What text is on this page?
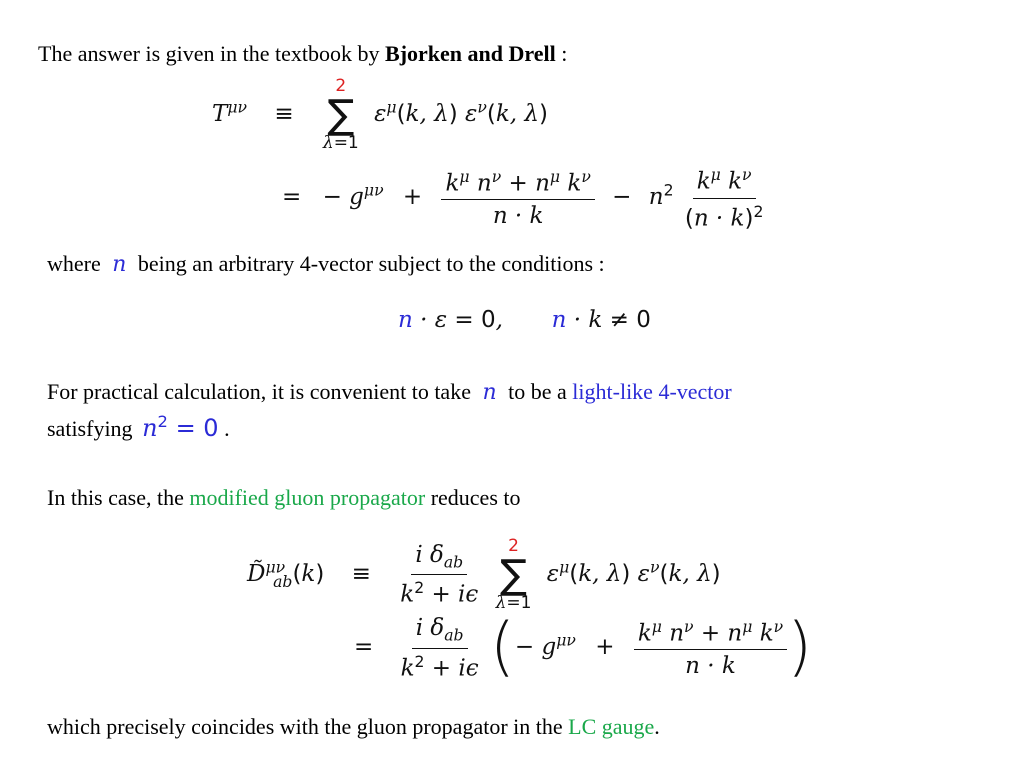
The answer is given in the textbook by Bjorken and Drell :
$T^{\mu\nu}$ ≡
2
∑
λ=1
$\varepsilon^\mu(k$, λ) $\varepsilon^\nu(k$, λ)
= − $g^{\mu\nu} + \frac{k^\mu n^\nu + n^\mu k^\nu}{n \cdot k} - n^2 \frac{k^\mu k^\nu}{(n \cdot k)^2}$
where n being an arbitrary 4-vector subject to the conditions :
n · ε = 0, n · k ≠ 0
For practical calculation, it is convenient to take n to be a light-like 4-vector
satisfying $n^2 = 0$ .
In this case, the modified gluon propagator reduces to
D̃$^{\mu\nu}_{ab}$(k) ≡ $\frac{i \delta_{ab}}{k^2 + i\epsilon}$
2
∑
λ=1
$\varepsilon^\mu(k$, λ) $\varepsilon^\nu(k$, λ)
= $\frac{i \delta_{ab}}{k^2 + i\epsilon}$ (− $g^{\mu\nu} + \frac{k^\mu n^\nu + n^\mu k^\nu}{n \cdot k}$ )
which precisely coincides with the gluon propagator in the LC gauge.
